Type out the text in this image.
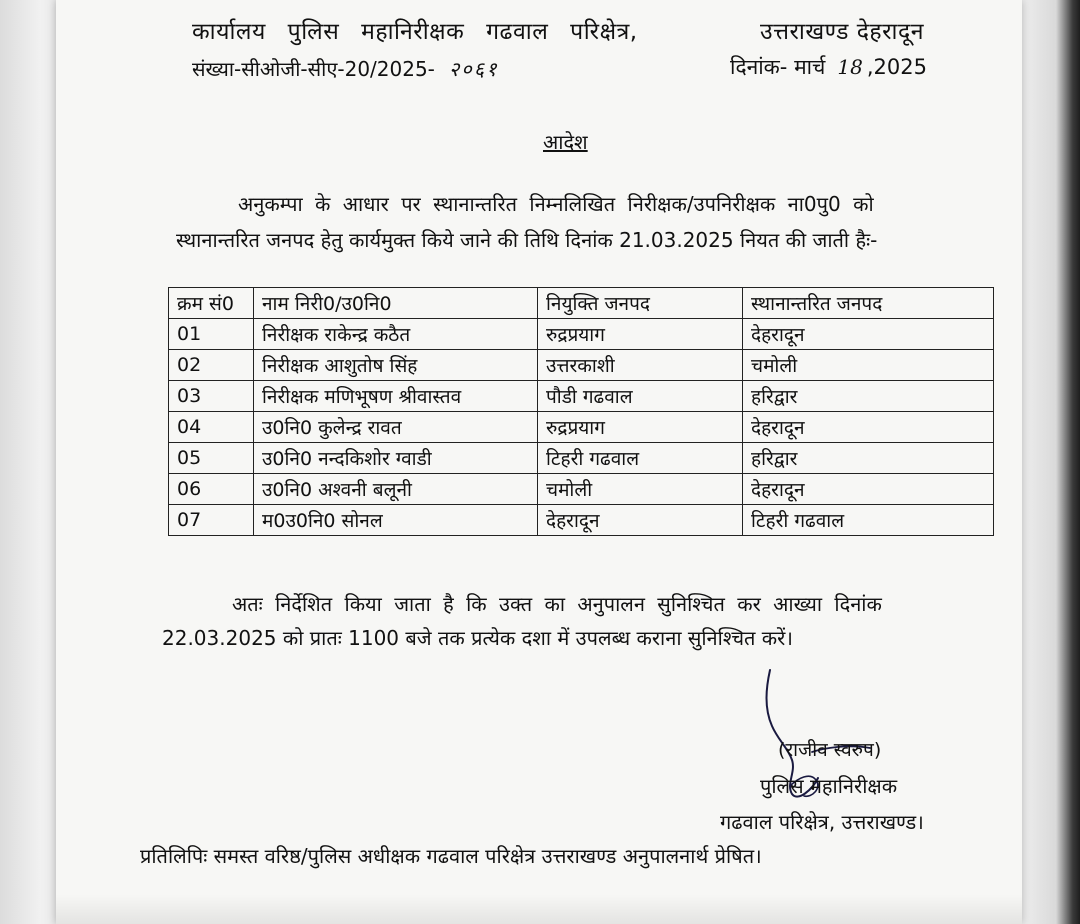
कार्यालय पुलिस महानिरीक्षक गढवाल परिक्षेत्र,	उत्तराखण्ड देहरादून
संख्या-सीओजी-सीए-20/2025- २०६१	दिनांक- मार्च 18 ,2025
आदेश
अनुकम्पा के आधार पर स्थानान्तरित निम्नलिखित निरीक्षक/उपनिरीक्षक ना0पु0 को
स्थानान्तरित जनपद हेतु कार्यमुक्त किये जाने की तिथि दिनांक 21.03.2025 नियत की जाती हैः-
क्रम सं0	नाम निरी0/उ0नि0	नियुक्ति जनपद	स्थानान्तरित जनपद
01	निरीक्षक राकेन्द्र कठैत	रुद्रप्रयाग	देहरादून
02	निरीक्षक आशुतोष सिंह	उत्तरकाशी	चमोली
03	निरीक्षक मणिभूषण श्रीवास्तव	पौडी गढवाल	हरिद्वार
04	उ0नि0 कुलेन्द्र रावत	रुद्रप्रयाग	देहरादून
05	उ0नि0 नन्दकिशोर ग्वाडी	टिहरी गढवाल	हरिद्वार
06	उ0नि0 अश्वनी बलूनी	चमोली	देहरादून
07	म0उ0नि0 सोनल	देहरादून	टिहरी गढवाल
अतः निर्देशित किया जाता है कि उक्त का अनुपालन सुनिश्चित कर आख्या दिनांक
22.03.2025 को प्रातः 1100 बजे तक प्रत्येक दशा में उपलब्ध कराना सुनिश्चित करें।
(राजीव स्वरुप)
पुलिस महानिरीक्षक
गढवाल परिक्षेत्र, उत्तराखण्ड।
प्रतिलिपिः समस्त वरिष्ठ/पुलिस अधीक्षक गढवाल परिक्षेत्र उत्तराखण्ड अनुपालनार्थ प्रेषित।
